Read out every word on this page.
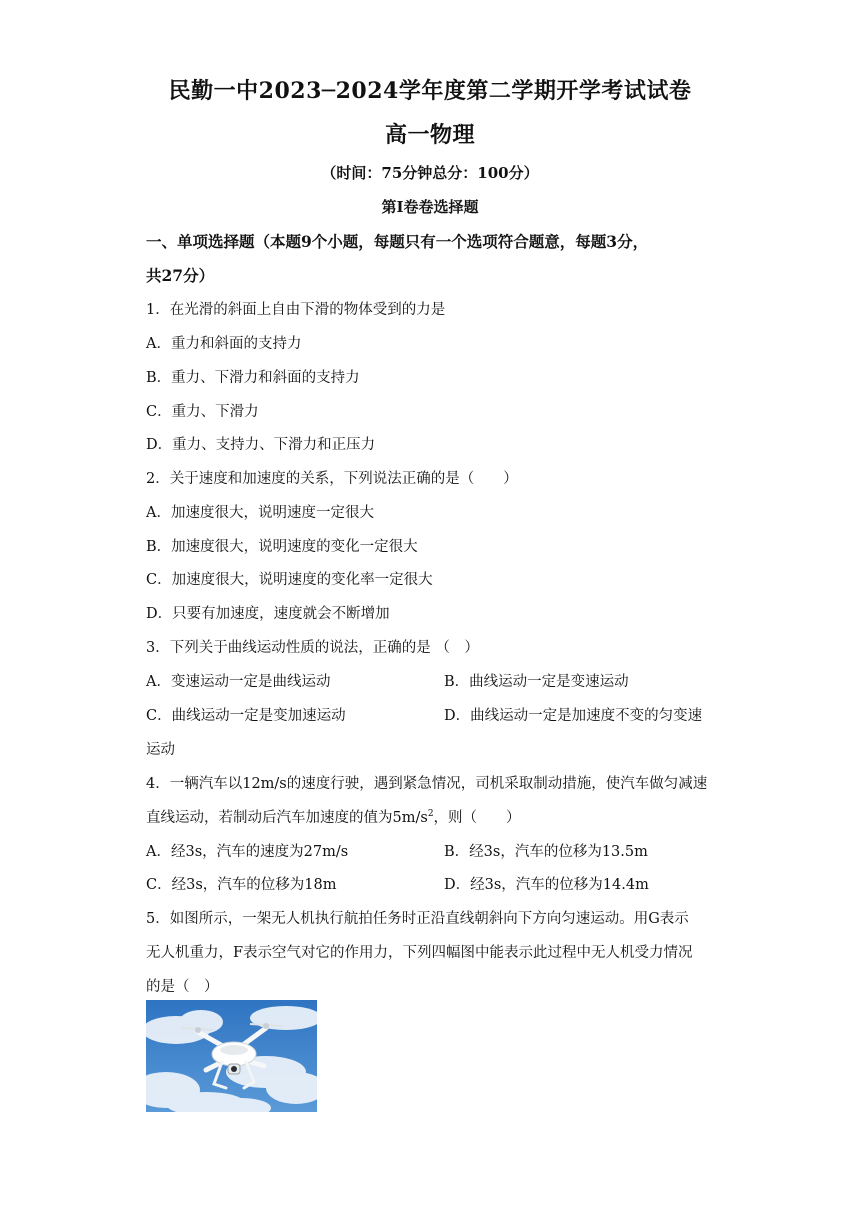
民勤一中2023─2024学年度第二学期开学考试试卷
高一物理
（时间：75分钟总分：100分）
第Ⅰ卷卷选择题
一、单项选择题（本题9个小题，每题只有一个选项符合题意，每题3分，
共27分）
1．在光滑的斜面上自由下滑的物体受到的力是
A．重力和斜面的支持力
B．重力、下滑力和斜面的支持力
C．重力、下滑力
D．重力、支持力、下滑力和正压力
2．关于速度和加速度的关系，下列说法正确的是（　　）
A．加速度很大，说明速度一定很大
B．加速度很大，说明速度的变化一定很大
C．加速度很大，说明速度的变化率一定很大
D．只要有加速度，速度就会不断增加
3．下列关于曲线运动性质的说法，正确的是 （　）
A．变速运动一定是曲线运动	B．曲线运动一定是变速运动
C．曲线运动一定是变加速运动	D．曲线运动一定是加速度不变的匀变速
运动
4．一辆汽车以12m/s的速度行驶，遇到紧急情况，司机采取制动措施，使汽车做匀减速
直线运动，若制动后汽车加速度的值为$5m/s^2$，则（　　）
A．经3s，汽车的速度为27m/s	B．经3s，汽车的位移为13.5m
C．经3s，汽车的位移为18m	D．经3s，汽车的位移为14.4m
5．如图所示，一架无人机执行航拍任务时正沿直线朝斜向下方向匀速运动。用G表示
无人机重力，F表示空气对它的作用力，下列四幅图中能表示此过程中无人机受力情况
的是（　）
